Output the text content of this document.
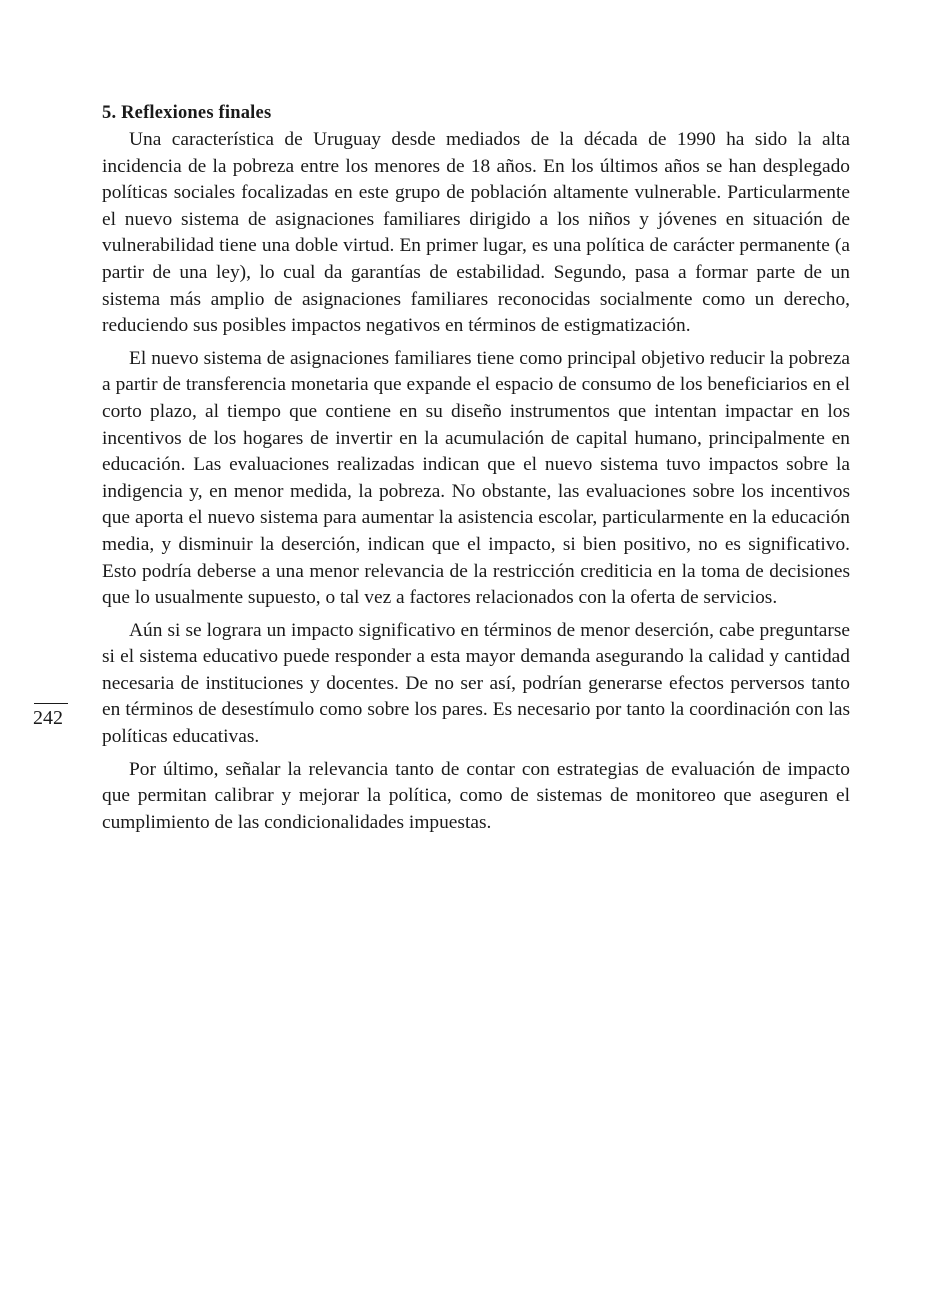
5. Reflexiones finales

Una característica de Uruguay desde mediados de la década de 1990 ha sido la alta incidencia de la pobreza entre los menores de 18 años. En los últimos años se han desplegado políticas sociales focalizadas en este grupo de población altamente vulnerable. Particularmente el nuevo sistema de asignaciones familiares dirigido a los niños y jóvenes en situación de vulnerabilidad tiene una doble virtud. En primer lugar, es una política de carácter permanente (a partir de una ley), lo cual da garantías de estabilidad. Segundo, pasa a formar parte de un sistema más amplio de asignaciones familiares reconocidas socialmente como un derecho, reduciendo sus posibles impactos negativos en términos de estigmatización.

El nuevo sistema de asignaciones familiares tiene como principal objetivo reducir la pobreza a partir de transferencia monetaria que expande el espacio de consumo de los beneficiarios en el corto plazo, al tiempo que contiene en su diseño instrumentos que intentan impactar en los incentivos de los hogares de invertir en la acumulación de capital humano, principalmente en educación. Las evaluaciones realizadas indican que el nuevo sistema tuvo impactos sobre la indigencia y, en menor medida, la pobreza. No obstante, las evaluaciones sobre los incentivos que aporta el nuevo sistema para aumentar la asistencia escolar, particularmente en la educación media, y disminuir la deserción, indican que el impacto, si bien positivo, no es significativo. Esto podría deberse a una menor relevancia de la restricción crediticia en la toma de decisiones que lo usualmente supuesto, o tal vez a factores relacionados con la oferta de servicios.

Aún si se lograra un impacto significativo en términos de menor deserción, cabe preguntarse si el sistema educativo puede responder a esta mayor demanda asegurando la calidad y cantidad necesaria de instituciones y docentes. De no ser así, podrían generarse efectos perversos tanto en términos de desestímulo como sobre los pares. Es necesario por tanto la coordinación con las políticas educativas.

Por último, señalar la relevancia tanto de contar con estrategias de evaluación de impacto que permitan calibrar y mejorar la política, como de sistemas de monitoreo que aseguren el cumplimiento de las condicionalidades impuestas.

242
